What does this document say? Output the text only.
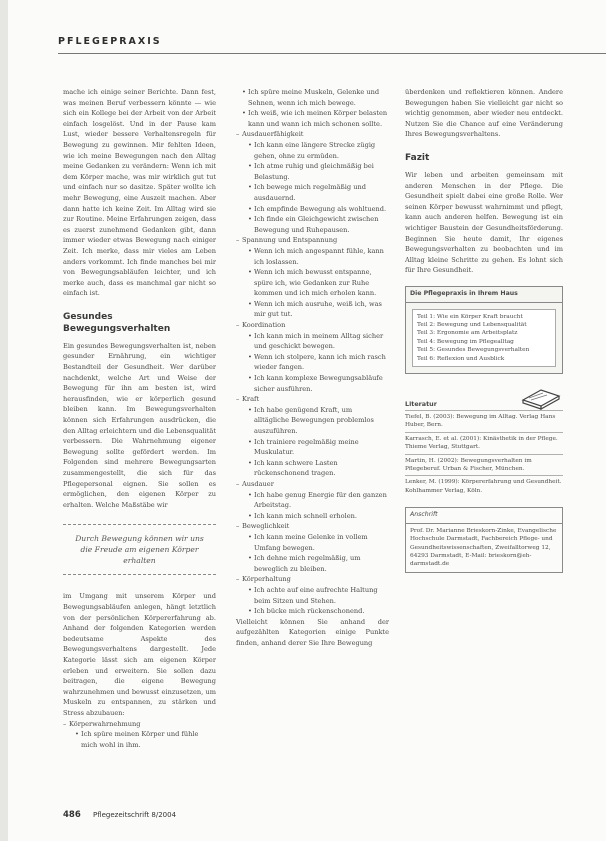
PFLEGEPRAXIS

mache ich einige seiner Berichte. Dann fest, was meinen Beruf verbessern könnte — wie sich ein Kollege bei der Arbeit von der Arbeit einfach losgelöst. Und in der Pause kam Lust, wieder bessere Verhaltensregeln für Bewegung zu gewinnen. Mir fehlten Ideen, wie ich meine Bewegungen nach den Alltag meine Gedanken zu verändern: Wenn ich mit dem Körper mache, was mir wirklich gut tut und einfach nur so dasitze. Später wollte ich mehr Bewegung, eine Auszeit machen. Aber dann hatte ich keine Zeit. Im Alltag wird sie zur Routine. Meine Erfahrungen zeigen, dass es zuerst zunehmend Gedanken gibt, dann immer wieder etwas Bewegung nach einiger Zeit. Ich merke, dass mir vieles am Leben anders vorkommt. Ich finde manches bei mir von Bewegungsabläufen leichter, und ich merke auch, dass es manchmal gar nicht so einfach ist.

Gesundes Bewegungsverhalten

Ein gesundes Bewegungsverhalten ist, neben gesunder Ernährung, ein wichtiger Bestandteil der Gesundheit. Wer darüber nachdenkt, welche Art und Weise der Bewegung für ihn am besten ist, wird herausfinden, wie er körperlich gesund bleiben kann. Im Bewegungsverhalten können sich Erfahrungen ausdrücken, die den Alltag erleichtern und die Lebensqualität verbessern. Die Wahrnehmung eigener Bewegung sollte gefördert werden. Im Folgenden sind mehrere Bewegungsarten zusammengestellt, die sich für das Pflegepersonal eignen. Sie sollen es ermöglichen, den eigenen Körper zu erhalten. Welche Maßstäbe wir

Durch Bewegung können wir uns die Freude am eigenen Körper erhalten

im Umgang mit unserem Körper und Bewegungsabläufen anlegen, hängt letztlich von der persönlichen Körpererfahrung ab. Anhand der folgenden Kategorien werden bedeutsame Aspekte des Bewegungsverhaltens dargestellt. Jede Kategorie lässt sich am eigenen Körper erleben und erweitern. Sie sollen dazu beitragen, die eigene Bewegung wahrzunehmen und bewusst einzusetzen, um Muskeln zu entspannen, zu stärken und Stress abzubauen:

– Körperwahrnehmung
• Ich spüre meinen Körper und fühle mich wohl in ihm.
• Ich spüre meine Muskeln, Gelenke und Sehnen, wenn ich mich bewege.
• Ich weiß, wie ich meinen Körper belasten kann und wann ich mich schonen sollte.
– Ausdauerfähigkeit
• Ich kann eine längere Strecke zügig gehen, ohne zu ermüden.
• Ich atme ruhig und gleichmäßig bei Belastung.
• Ich bewege mich regelmäßig und ausdauernd.
• Ich empfinde Bewegung als wohltuend.
• Ich finde ein Gleichgewicht zwischen Bewegung und Ruhepausen.
– Spannung und Entspannung
• Wenn ich mich angespannt fühle, kann ich loslassen.
• Wenn ich mich bewusst entspanne, spüre ich, wie Gedanken zur Ruhe kommen und ich mich erholen kann.
• Wenn ich mich ausruhe, weiß ich, was mir gut tut.
– Koordination
• Ich kann mich in meinem Alltag sicher und geschickt bewegen.
• Wenn ich stolpere, kann ich mich rasch wieder fangen.
• Ich kann komplexe Bewegungsabläufe sicher ausführen.
– Kraft
• Ich habe genügend Kraft, um alltägliche Bewegungen problemlos auszuführen.
• Ich trainiere regelmäßig meine Muskulatur.
• Ich kann schwere Lasten rückenschonend tragen.
– Ausdauer
• Ich habe genug Energie für den ganzen Arbeitstag.
• Ich kann mich schnell erholen.
– Beweglichkeit
• Ich kann meine Gelenke in vollem Umfang bewegen.
• Ich dehne mich regelmäßig, um beweglich zu bleiben.
– Körperhaltung
• Ich achte auf eine aufrechte Haltung beim Sitzen und Stehen.
• Ich bücke mich rückenschonend.

Vielleicht können Sie anhand der aufgezählten Kategorien einige Punkte finden, anhand derer Sie Ihre Bewegung

überdenken und reflektieren können. Andere Bewegungen haben Sie vielleicht gar nicht so wichtig genommen, aber wieder neu entdeckt. Nutzen Sie die Chance auf eine Veränderung Ihres Bewegungsverhaltens.

Fazit

Wir leben und arbeiten gemeinsam mit anderen Menschen in der Pflege. Die Gesundheit spielt dabei eine große Rolle. Wer seinen Körper bewusst wahrnimmt und pflegt, kann auch anderen helfen. Bewegung ist ein wichtiger Baustein der Gesundheitsförderung. Beginnen Sie heute damit, Ihr eigenes Bewegungsverhalten zu beobachten und im Alltag kleine Schritte zu gehen. Es lohnt sich für Ihre Gesundheit.

Die Pflegepraxis in Ihrem Haus
Teil 1: Wie ein Körper Kraft braucht
Teil 2: Bewegung und Lebensqualität
Teil 3: Ergonomie am Arbeitsplatz
Teil 4: Bewegung im Pflegealltag
Teil 5: Gesundes Bewegungsverhalten
Teil 6: Reflexion und Ausblick
Literatur
Tiefel, B. (2003): Bewegung im Alltag. Verlag Hans Huber, Bern.
Karrasch, E. et al. (2001): Kinästhetik in der Pflege. Thieme Verlag, Stuttgart.
Martin, H. (2002): Bewegungsverhalten im Pflegeberuf. Urban & Fischer, München.
Lenker, M. (1999): Körpererfahrung und Gesundheit. Kohlhammer Verlag, Köln.
Anschrift
Prof. Dr. Marianne Brieskorn-Zinke, Evangelische Hochschule Darmstadt, Fachbereich Pflege- und Gesundheitswissenschaften, Zweifalltorweg 12, 64293 Darmstadt, E-Mail: brieskorn@eh-darmstadt.de
486 Pflegezeitschrift 8/2004
